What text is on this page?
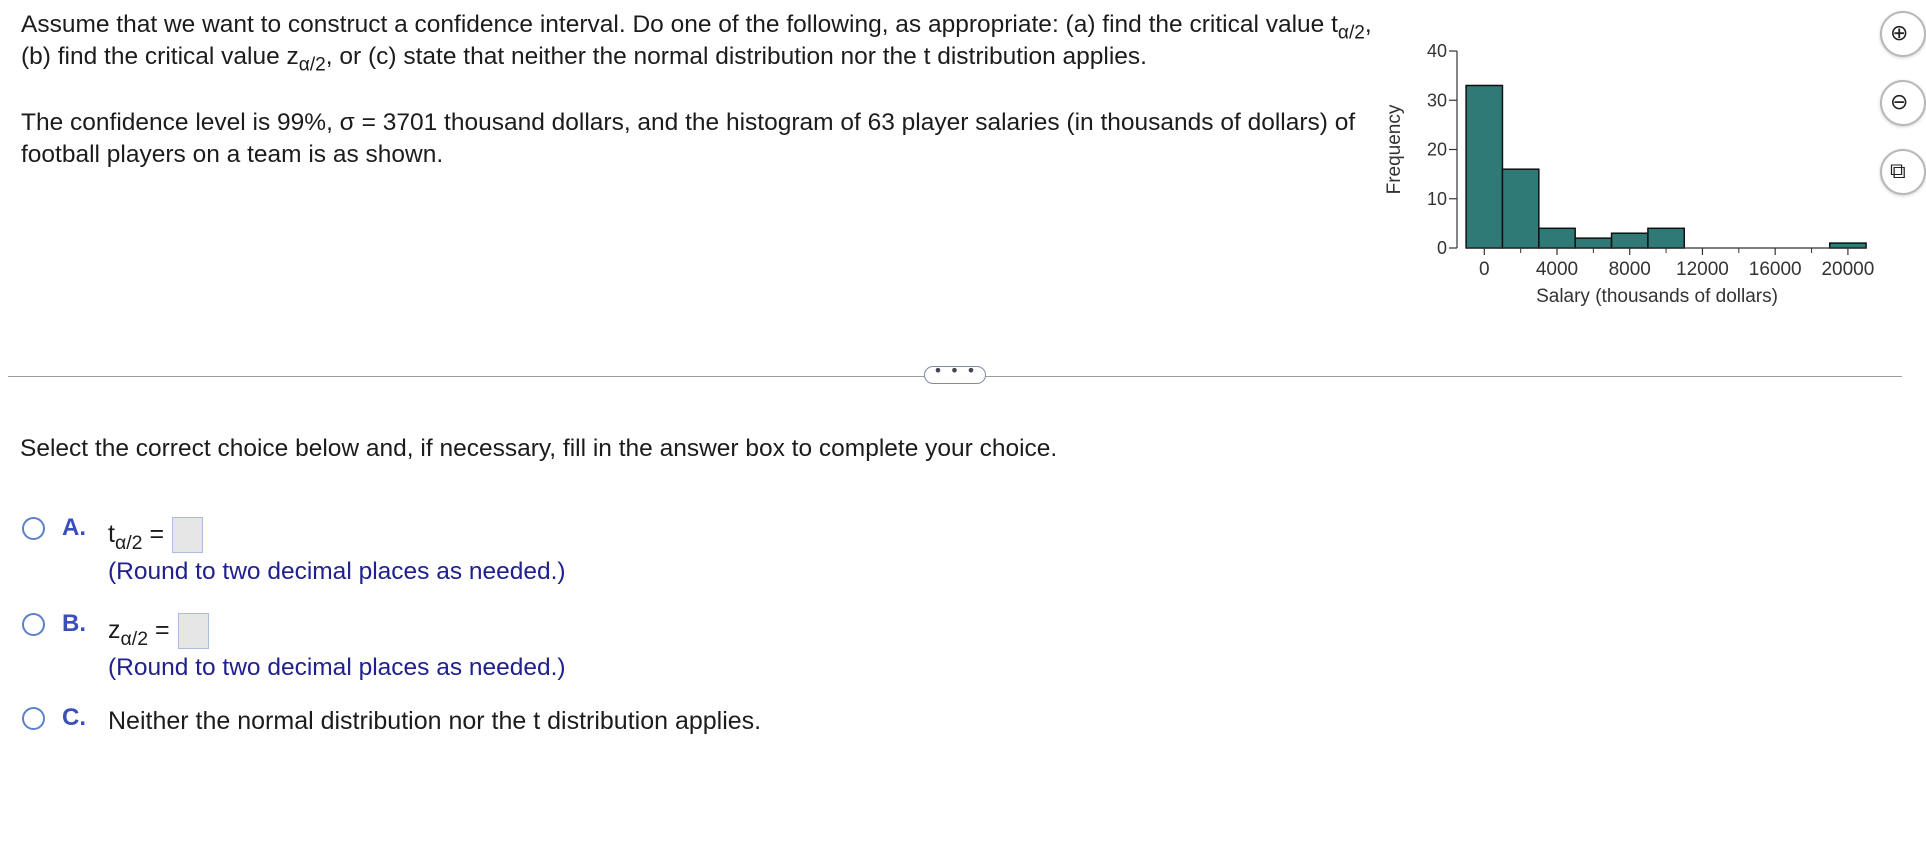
Assume that we want to construct a confidence interval. Do one of the following, as appropriate: (a) find the critical value $t_{\alpha/2}$, (b) find the critical value $z_{\alpha/2}$, or (c) state that neither the normal distribution nor the t distribution applies.
The confidence level is 99%, σ = 3701 thousand dollars, and the histogram of 63 player salaries (in thousands of dollars) of football players on a team is as shown.
0
10
20
30
40
0 4000 8000 12000 16000 20000
Salary (thousands of dollars)
Frequency
⊕
⊖
⧉
• • •
Select the correct choice below and, if necessary, fill in the answer box to complete your choice.
A. $t_{\alpha/2}$ =
(Round to two decimal places as needed.)
B. $z_{\alpha/2}$ =
(Round to two decimal places as needed.)
C. Neither the normal distribution nor the t distribution applies.
